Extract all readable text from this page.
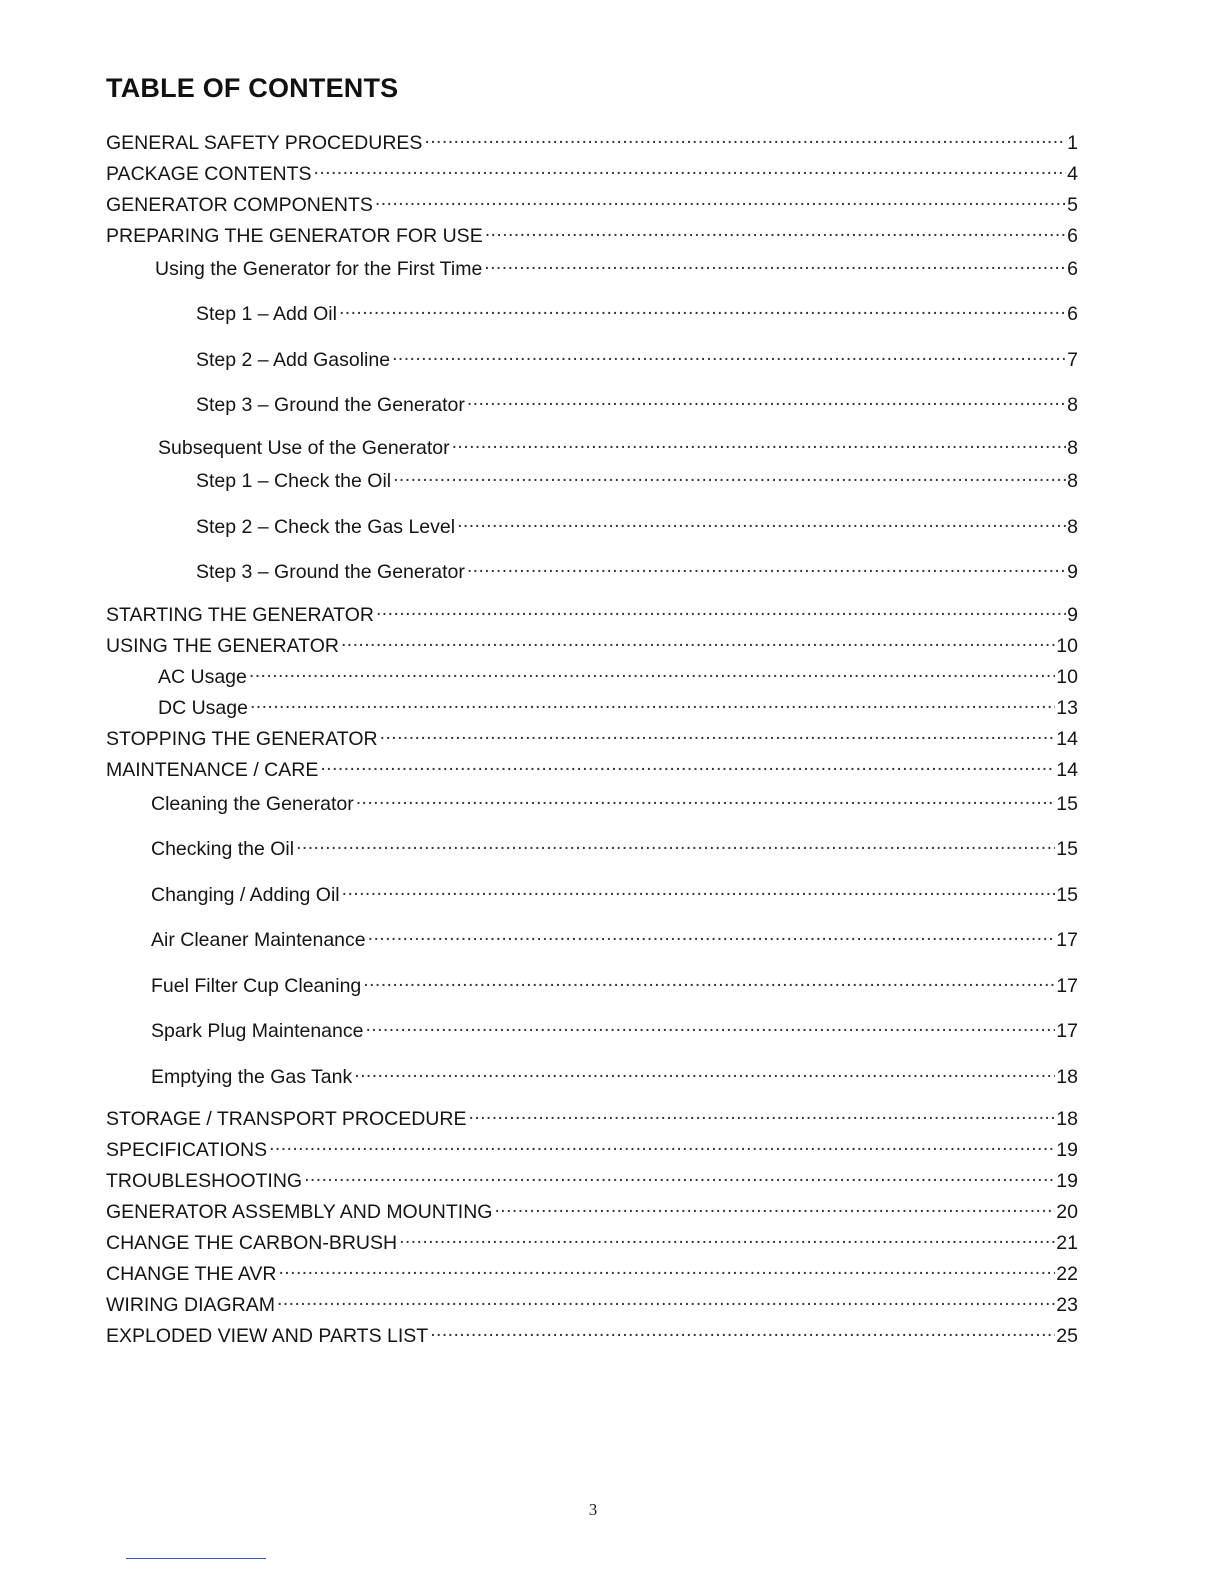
TABLE OF CONTENTS
GENERAL SAFETY PROCEDURES .....	1
PACKAGE CONTENTS .....	4
GENERATOR COMPONENTS .....	5
PREPARING THE GENERATOR FOR USE .....	6
Using the Generator for the First Time .....	6
Step 1 – Add Oil .....	6
Step 2 – Add Gasoline .....	7
Step 3 – Ground the Generator .....	8
Subsequent Use of the Generator .....	8
Step 1 – Check the Oil .....	8
Step 2 – Check the Gas Level .....	8
Step 3 – Ground the Generator .....	9
STARTING THE GENERATOR .....	9
USING THE GENERATOR .....	10
AC Usage .....	10
DC Usage .....	13
STOPPING THE GENERATOR .....	14
MAINTENANCE / CARE .....	14
Cleaning the Generator .....	15
Checking the Oil .....	15
Changing / Adding Oil .....	15
Air Cleaner Maintenance .....	17
Fuel Filter Cup Cleaning .....	17
Spark Plug Maintenance .....	17
Emptying the Gas Tank .....	18
STORAGE / TRANSPORT PROCEDURE .....	18
SPECIFICATIONS .....	19
TROUBLESHOOTING .....	19
GENERATOR ASSEMBLY AND MOUNTING .....	20
CHANGE THE CARBON-BRUSH .....	21
CHANGE THE AVR .....	22
WIRING DIAGRAM .....	23
EXPLODED VIEW AND PARTS LIST .....	25
3
